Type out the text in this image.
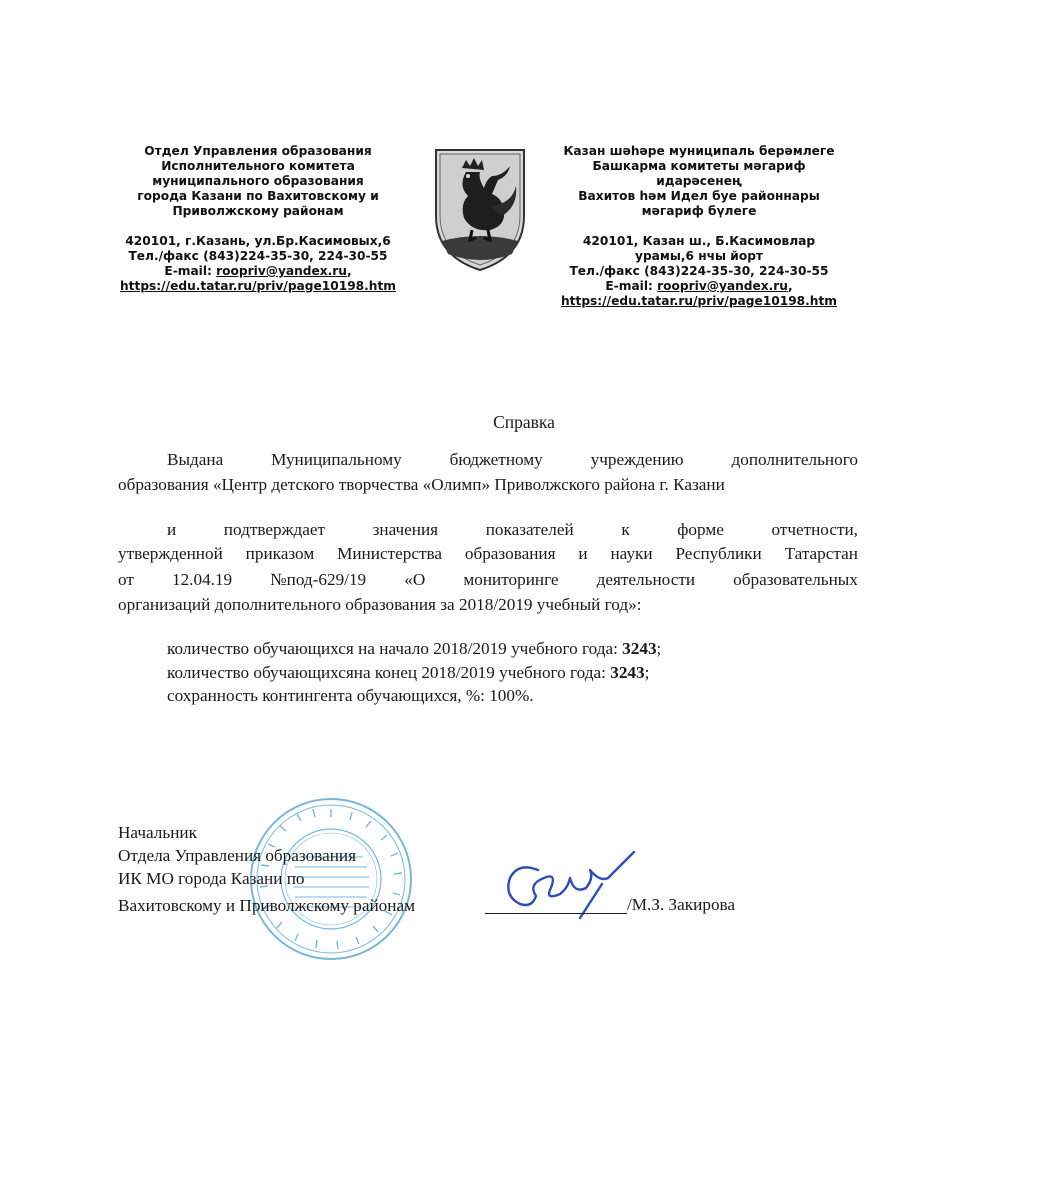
Отдел Управления образования
Исполнительного комитета
муниципального образования
города Казани по Вахитовскому и
Приволжскому районам
420101, г.Казань, ул.Бр.Касимовых,6
Тел./факс (843)224-35-30, 224-30-55
E-mail: roopriv@yandex.ru,
https://edu.tatar.ru/priv/page10198.htm
Казан шәһәре муниципаль берәмлеге
Башкарма комитеты мәгариф
идарәсенең
Вахитов һәм Идел буе районнары
мәгариф бүлеге
420101, Казан ш., Б.Касимовлар
урамы,6 нчы йорт
Тел./факс (843)224-35-30, 224-30-55
E-mail: roopriv@yandex.ru,
https://edu.tatar.ru/priv/page10198.htm
Справка
Выдана	Муниципальному	бюджетному	учреждению	дополнительного
образования «Центр детского творчества «Олимп» Приволжского района г. Казани
и	подтверждает	значения	показателей	к	форме	отчетности,
утвержденной приказом Министерства образования и науки Республики Татарстан
от 12.04.19 №под-629/19 «О мониторинге деятельности образовательных
организаций дополнительного образования за 2018/2019 учебный год»:
количество обучающихся на начало 2018/2019 учебного года: 3243;
количество обучающихсяна конец 2018/2019 учебного года: 3243;
сохранность контингента обучающихся, %: 100%.
Начальник
Отдела Управления образования
ИК МО города Казани по
Вахитовскому и Приволжскому районам	/М.З. Закирова
